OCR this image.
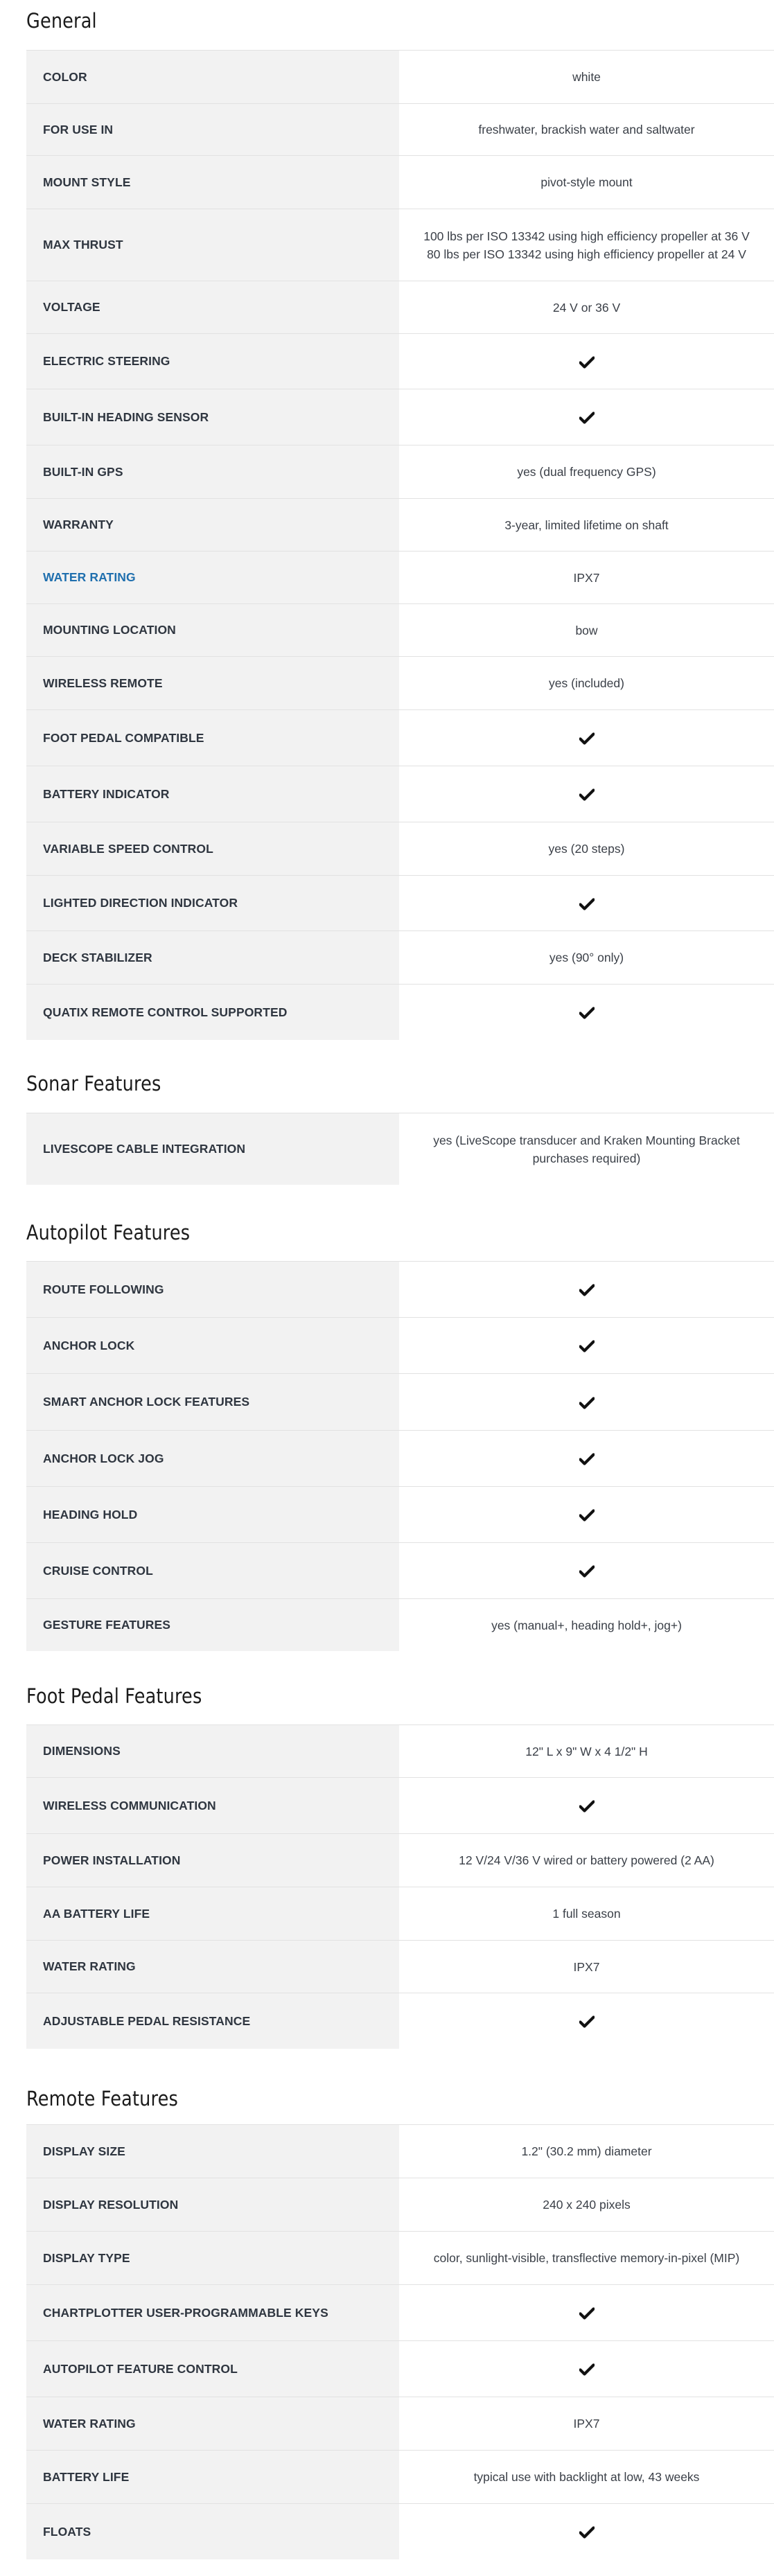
General
COLOR	white
FOR USE IN	freshwater, brackish water and saltwater
MOUNT STYLE	pivot-style mount
MAX THRUST
100 lbs per ISO 13342 using high efficiency propeller at 36 V
80 lbs per ISO 13342 using high efficiency propeller at 24 V
VOLTAGE	24 V or 36 V
ELECTRIC STEERING
BUILT-IN HEADING SENSOR
BUILT-IN GPS	yes (dual frequency GPS)
WARRANTY	3-year, limited lifetime on shaft
WATER RATING	IPX7
MOUNTING LOCATION	bow
WIRELESS REMOTE	yes (included)
FOOT PEDAL COMPATIBLE
BATTERY INDICATOR
VARIABLE SPEED CONTROL	yes (20 steps)
LIGHTED DIRECTION INDICATOR
DECK STABILIZER	yes (90° only)
QUATIX REMOTE CONTROL SUPPORTED
Sonar Features
LIVESCOPE CABLE INTEGRATION
yes (LiveScope transducer and Kraken Mounting Bracket
purchases required)
Autopilot Features
ROUTE FOLLOWING
ANCHOR LOCK
SMART ANCHOR LOCK FEATURES
ANCHOR LOCK JOG
HEADING HOLD
CRUISE CONTROL
GESTURE FEATURES	yes (manual+, heading hold+, jog+)
Foot Pedal Features
DIMENSIONS	12" L x 9" W x 4 1/2" H
WIRELESS COMMUNICATION
POWER INSTALLATION	12 V/24 V/36 V wired or battery powered (2 AA)
AA BATTERY LIFE	1 full season
WATER RATING	IPX7
ADJUSTABLE PEDAL RESISTANCE
Remote Features
DISPLAY SIZE	1.2" (30.2 mm) diameter
DISPLAY RESOLUTION	240 x 240 pixels
DISPLAY TYPE	color, sunlight-visible, transflective memory-in-pixel (MIP)
CHARTPLOTTER USER-PROGRAMMABLE KEYS
AUTOPILOT FEATURE CONTROL
WATER RATING	IPX7
BATTERY LIFE	typical use with backlight at low, 43 weeks
FLOATS
